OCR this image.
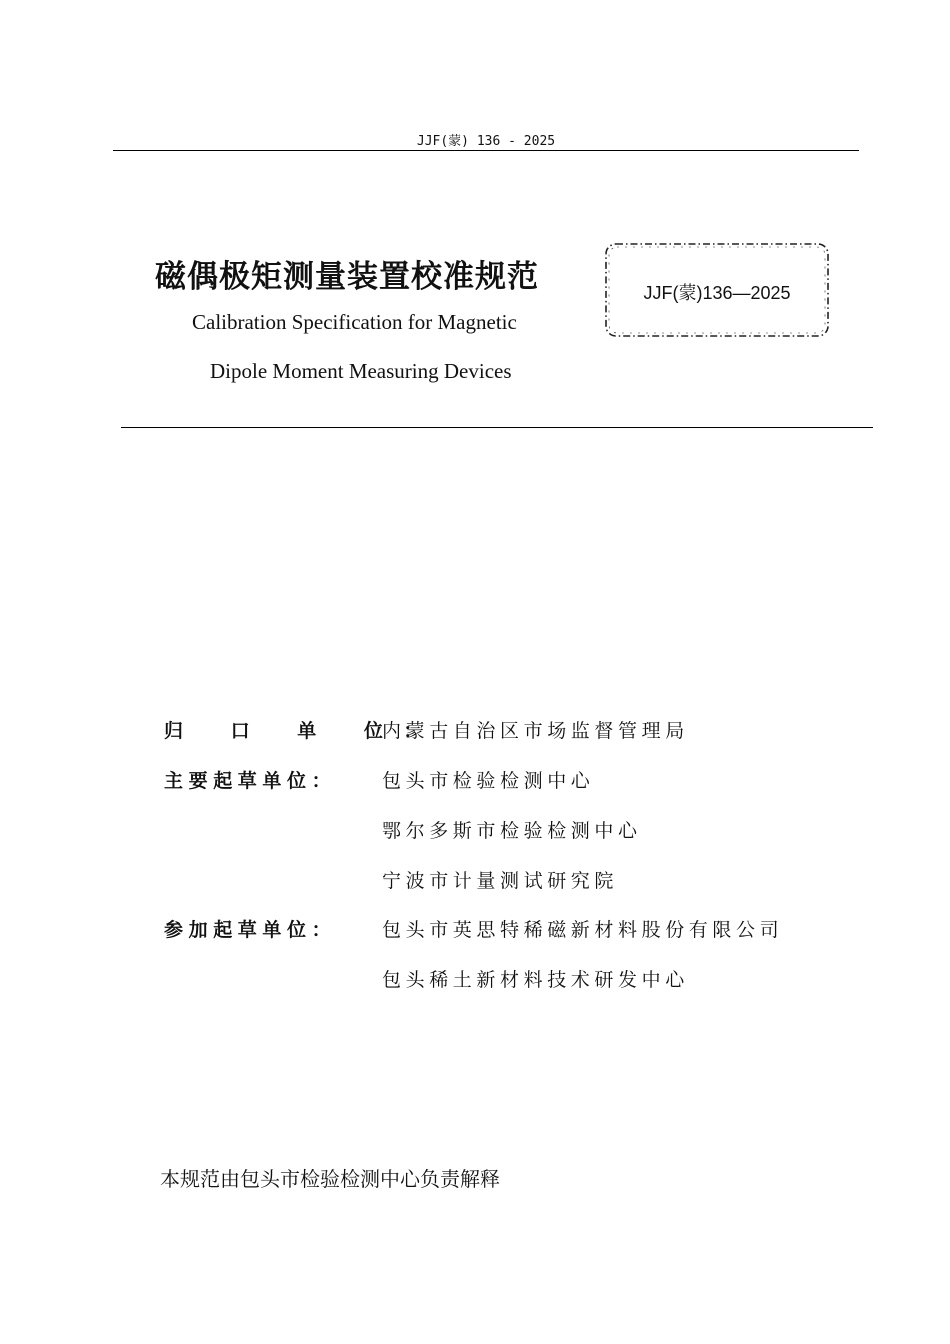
JJF(蒙) 136 - 2025
磁偶极矩测量装置校准规范
Calibration Specification for Magnetic
Dipole Moment Measuring Devices
JJF(蒙)136—2025
归 口 单 位：
内蒙古自治区市场监督管理局
主要起草单位： 包头市检验检测中心
鄂尔多斯市检验检测中心
宁波市计量测试研究院
参加起草单位： 包头市英思特稀磁新材料股份有限公司
包头稀土新材料技术研发中心
本规范由包头市检验检测中心负责解释
